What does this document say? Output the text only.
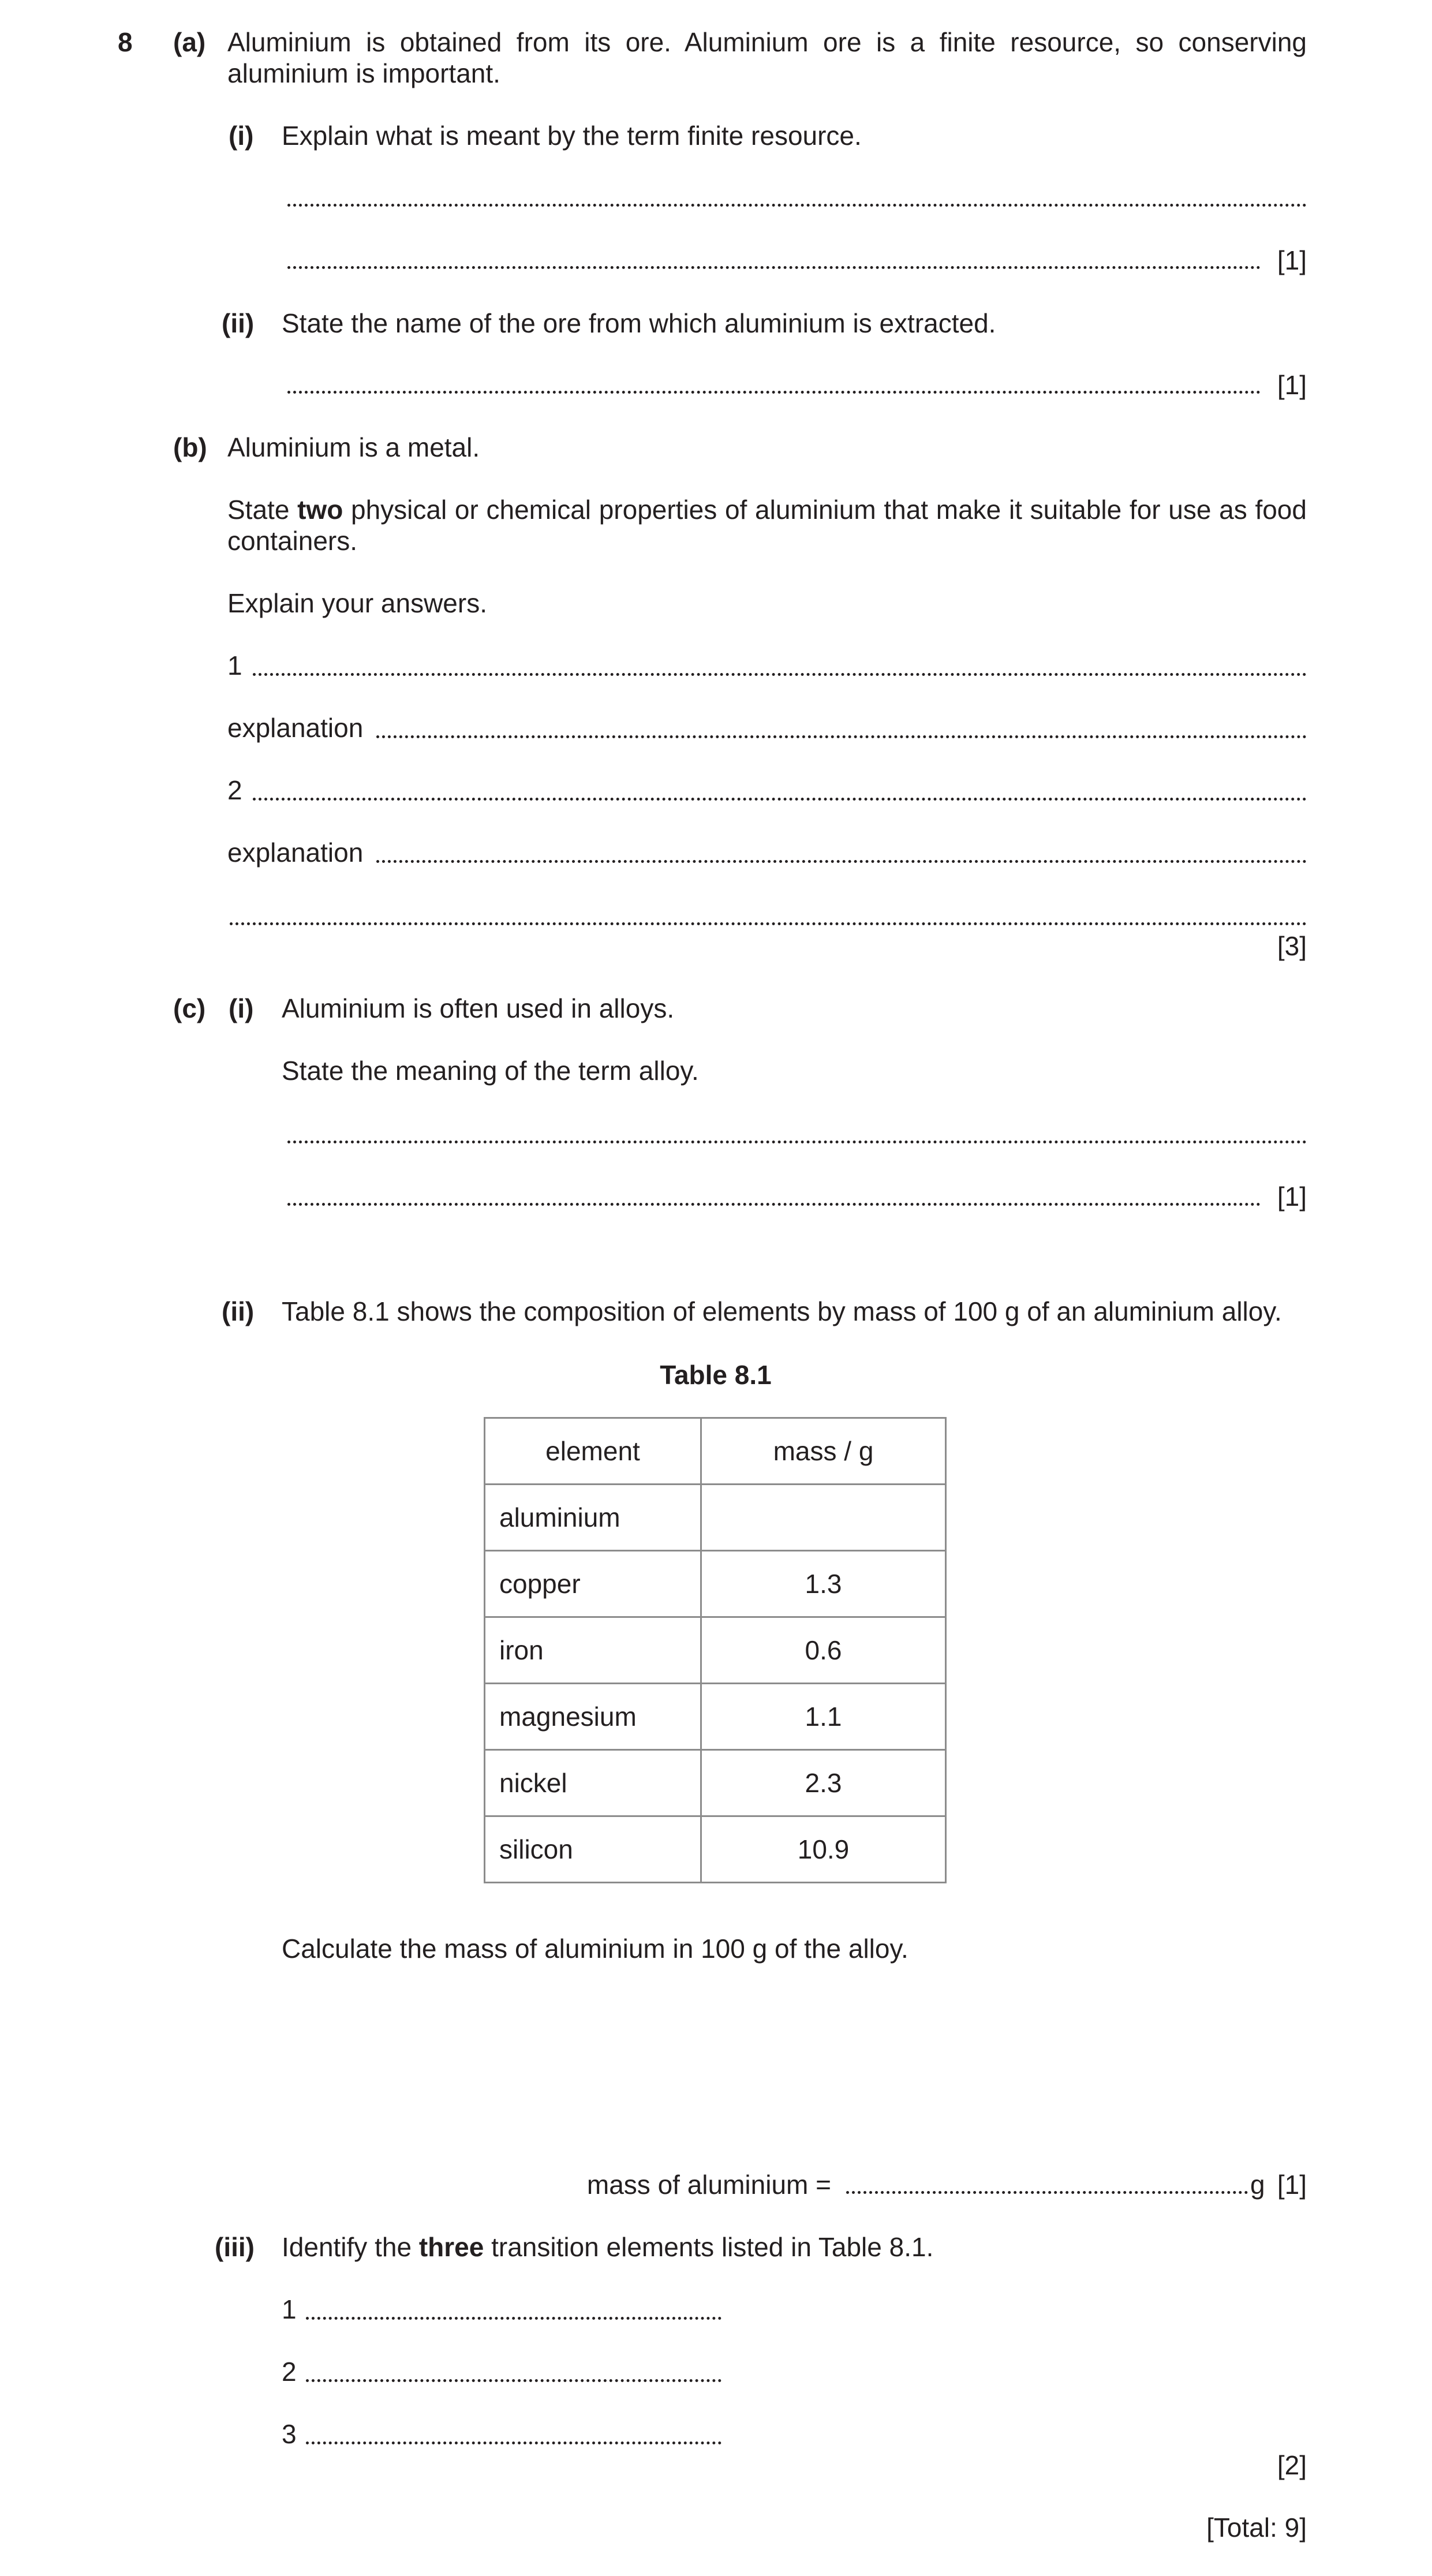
8 (a) Aluminium is obtained from its ore. Aluminium ore is a finite resource, so conserving
aluminium is important.
(i) Explain what is meant by the term finite resource.
[1]
(ii) State the name of the ore from which aluminium is extracted.
[1]
(b) Aluminium is a metal.
State two physical or chemical properties of aluminium that make it suitable for use as food
containers.
Explain your answers.
1
explanation
2
explanation
[3]
(c) (i) Aluminium is often used in alloys.
State the meaning of the term alloy.
[1]
(ii) Table 8.1 shows the composition of elements by mass of 100 g of an aluminium alloy.
Table 8.1
element	mass / g
aluminium	
copper	1.3
iron	0.6
magnesium	1.1
nickel	2.3
silicon	10.9
Calculate the mass of aluminium in 100 g of the alloy.
mass of aluminium =	g [1]
(iii) Identify the three transition elements listed in Table 8.1.
1
2
3
[2]
[Total: 9]
